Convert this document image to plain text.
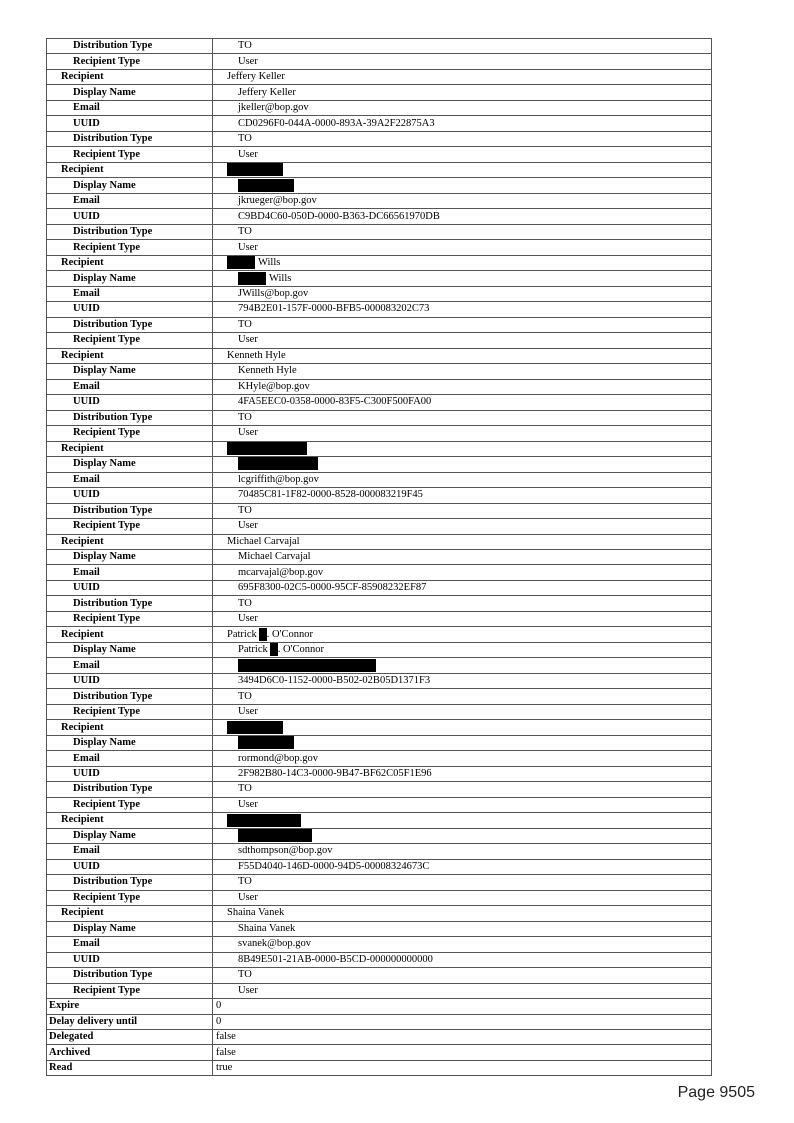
Distribution Type	TO
Recipient Type	User
Recipient	Jeffery Keller
Display Name	Jeffery Keller
Email	jkeller@bop.gov
UUID	CD0296F0-044A-0000-893A-39A2F22875A3
Distribution Type	TO
Recipient Type	User
Recipient	
Display Name	
Email	jkrueger@bop.gov
UUID	C9BD4C60-050D-0000-B363-DC66561970DB
Distribution Type	TO
Recipient Type	User
Recipient	Wills
Display Name	Wills
Email	JWills@bop.gov
UUID	794B2E01-157F-0000-BFB5-000083202C73
Distribution Type	TO
Recipient Type	User
Recipient	Kenneth Hyle
Display Name	Kenneth Hyle
Email	KHyle@bop.gov
UUID	4FA5EEC0-0358-0000-83F5-C300F500FA00
Distribution Type	TO
Recipient Type	User
Recipient	
Display Name	
Email	lcgriffith@bop.gov
UUID	70485C81-1F82-0000-8528-000083219F45
Distribution Type	TO
Recipient Type	User
Recipient	Michael Carvajal
Display Name	Michael Carvajal
Email	mcarvajal@bop.gov
UUID	695F8300-02C5-0000-95CF-85908232EF87
Distribution Type	TO
Recipient Type	User
Recipient	Patrick . O'Connor
Display Name	Patrick . O'Connor
Email	
UUID	3494D6C0-1152-0000-B502-02B05D1371F3
Distribution Type	TO
Recipient Type	User
Recipient	
Display Name	
Email	rormond@bop.gov
UUID	2F982B80-14C3-0000-9B47-BF62C05F1E96
Distribution Type	TO
Recipient Type	User
Recipient	
Display Name	
Email	sdthompson@bop.gov
UUID	F55D4040-146D-0000-94D5-00008324673C
Distribution Type	TO
Recipient Type	User
Recipient	Shaina Vanek
Display Name	Shaina Vanek
Email	svanek@bop.gov
UUID	8B49E501-21AB-0000-B5CD-000000000000
Distribution Type	TO
Recipient Type	User
Expire	0
Delay delivery until	0
Delegated	false
Archived	false
Read	true
Page 9505
